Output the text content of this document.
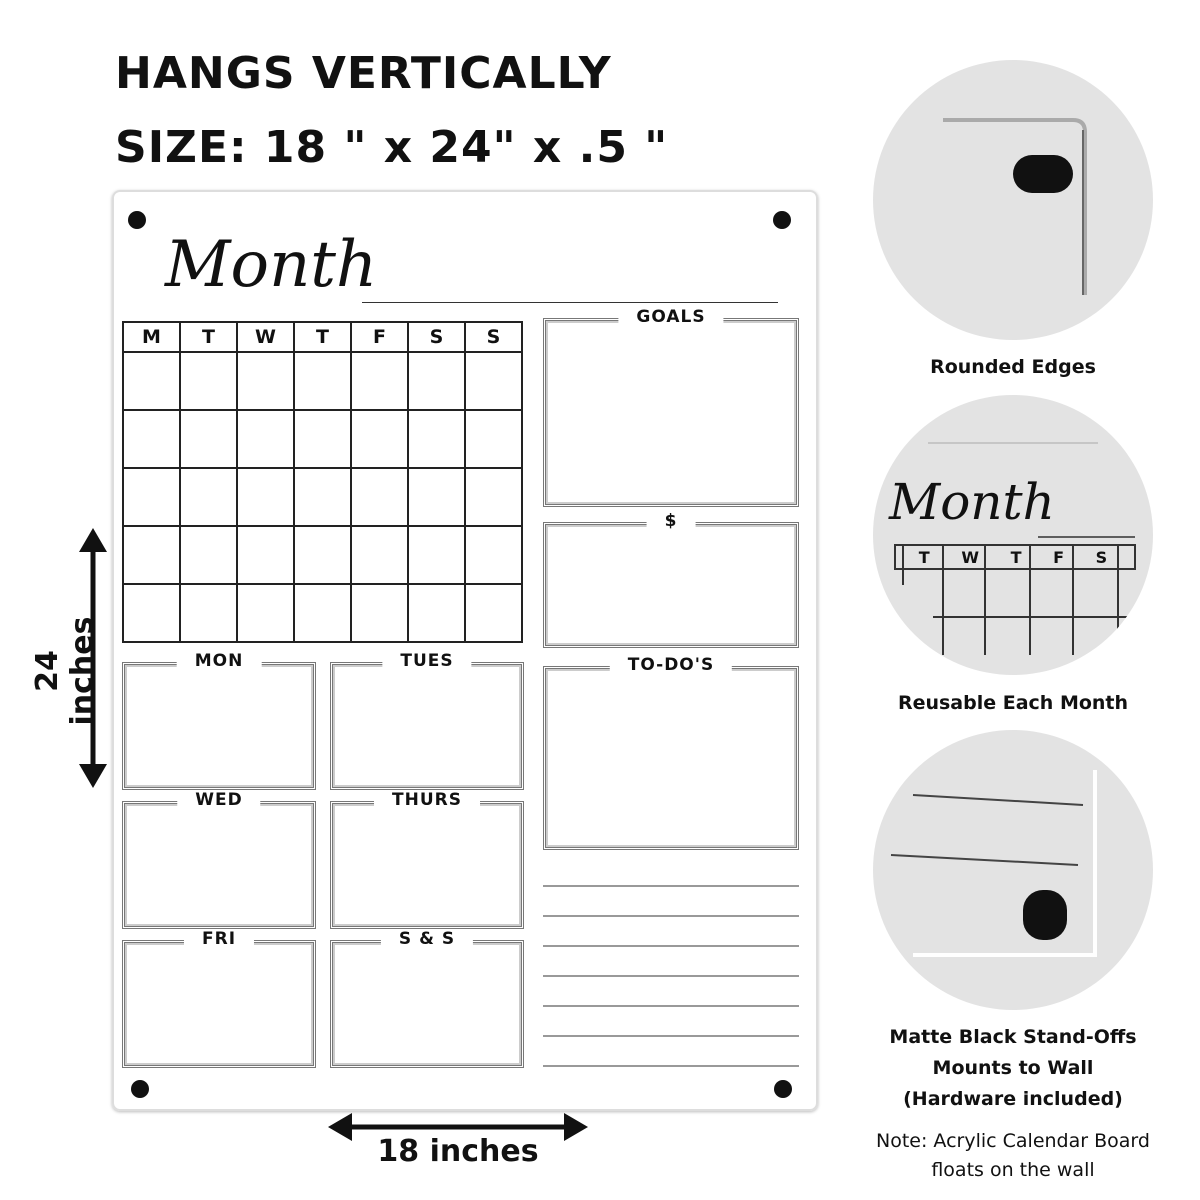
HANGS VERTICALLY
SIZE: 18 " x 24" x .5 "
Month
M	T	W	T	F	S	S

GOALS
$
TO-DO'S
MON	TUES
WED	THURS
FRI	S & S
24 inches
18 inches
Rounded Edges
Month
T W T F S
Reusable Each Month
Matte Black Stand-Offs
Mounts to Wall
(Hardware included)
Note: Acrylic Calendar Board
floats on the wall
